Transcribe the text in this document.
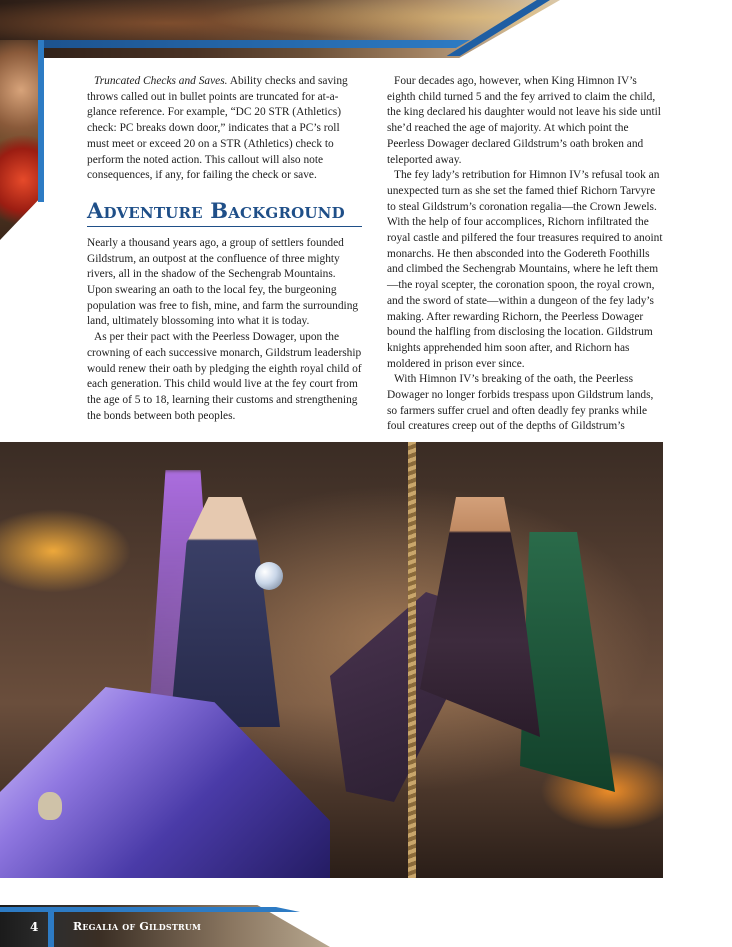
Truncated Checks and Saves. Ability checks and saving throws called out in bullet points are truncated for at-a-glance reference. For example, “DC 20 STR (Athletics) check: PC breaks down door,” indicates that a PC’s roll must meet or exceed 20 on a STR (Athletics) check to perform the noted action. This callout will also note consequences, if any, for failing the check or save.

Adventure Background

Nearly a thousand years ago, a group of settlers founded Gildstrum, an outpost at the confluence of three mighty rivers, all in the shadow of the Sechengrab Mountains. Upon swearing an oath to the local fey, the burgeoning population was free to fish, mine, and farm the surrounding land, ultimately blossoming into what it is today.

As per their pact with the Peerless Dowager, upon the crowning of each successive monarch, Gildstrum leadership would renew their oath by pledging the eighth royal child of each generation. This child would live at the fey court from the age of 5 to 18, learning their customs and strengthening the bonds between both peoples.

Four decades ago, however, when King Himnon IV’s eighth child turned 5 and the fey arrived to claim the child, the king declared his daughter would not leave his side until she’d reached the age of majority. At which point the Peerless Dowager declared Gildstrum’s oath broken and teleported away.

The fey lady’s retribution for Himnon IV’s refusal took an unexpected turn as she set the famed thief Richorn Tarvyre to steal Gildstrum’s coronation regalia—the Crown Jewels. With the help of four accomplices, Richorn infiltrated the royal castle and pilfered the four treasures required to anoint monarchs. He then absconded into the Godereth Foothills and climbed the Sechengrab Mountains, where he left them—the royal scepter, the coronation spoon, the royal crown, and the sword of state—within a dungeon of the fey lady’s making. After rewarding Richorn, the Peerless Dowager bound the halfling from disclosing the location. Gildstrum knights apprehended him soon after, and Richorn has moldered in prison ever since.

With Himnon IV’s breaking of the oath, the Peerless Dowager no longer forbids trespass upon Gildstrum lands, so farmers suffer cruel and often deadly fey pranks while foul creatures creep out of the depths of Gildstrum’s

4	Regalia of Gildstrum
